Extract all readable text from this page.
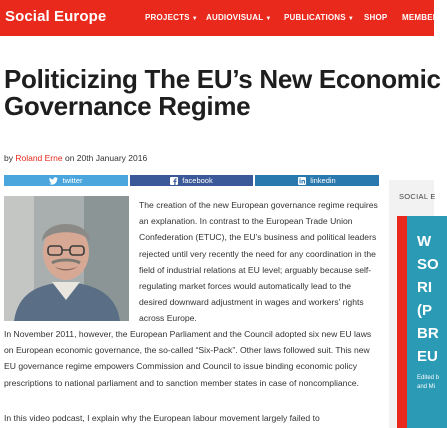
Social Europe	PROJECTS ▼ AUDIOVISUAL ▼ PUBLICATIONS ▼ SHOP MEMBER
Politicizing The EU’s New Economic Governance Regime
by Roland Erne on 20th January 2016
twitter	facebook	linkedin

The creation of the new European governance regime requires an explanation. In contrast to the European Trade Union Confederation (ETUC), the EU’s business and political leaders rejected until very recently the need for any coordination in the field of industrial relations at EU level; arguably because self-regulating market forces would automatically lead to the desired downward adjustment in wages and workers’ rights across Europe.

In November 2011, however, the European Parliament and the Council adopted six new EU laws on European economic governance, the so-called “Six-Pack”. Other laws followed suit. This new EU governance regime empowers Commission and Council to issue binding economic policy prescriptions to national parliament and to sanction member states in case of noncompliance.

In this video podcast, I explain why the European labour movement largely failed to

SOCIAL E
W
SO
RI
(P
BR
EU
Edited b
and Mi
